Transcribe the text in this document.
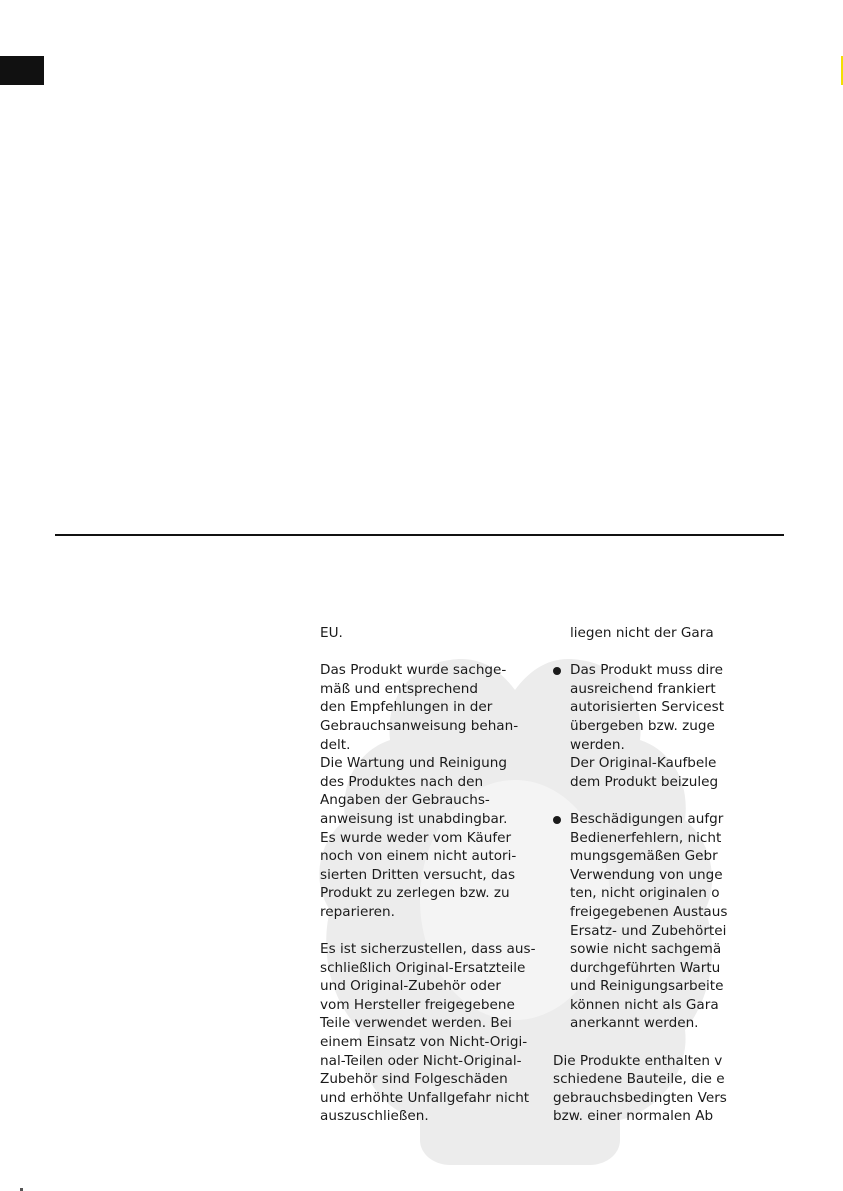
EU.
Das Produkt wurde sachge-
mäß und entsprechend
den Empfehlungen in der
Gebrauchsanweisung behan-
delt.
Die Wartung und Reinigung
des Produktes nach den
Angaben der Gebrauchs-
anweisung ist unabdingbar.
Es wurde weder vom Käufer
noch von einem nicht autori-
sierten Dritten versucht, das
Produkt zu zerlegen bzw. zu
reparieren.
Es ist sicherzustellen, dass aus-
schließlich Original-Ersatzteile
und Original-Zubehör oder
vom Hersteller freigegebene
Teile verwendet werden. Bei
einem Einsatz von Nicht-Origi-
nal-Teilen oder Nicht-Original-
Zubehör sind Folgeschäden
und erhöhte Unfallgefahr nicht
auszuschließen.
liegen nicht der Gara
Das Produkt muss dire
ausreichend frankiert
autorisierten Servicest
übergeben bzw. zuge
werden.
Der Original-Kaufbele
dem Produkt beizuleg
Beschädigungen aufgr
Bedienerfehlern, nicht
mungsgemäßen Gebr
Verwendung von unge
ten, nicht originalen o
freigegebenen Austaus
Ersatz- und Zubehörtei
sowie nicht sachgemä
durchgeführten Wartu
und Reinigungsarbeite
können nicht als Gara
anerkannt werden.
Die Produkte enthalten v
schiedene Bauteile, die e
gebrauchsbedingten Vers
bzw. einer normalen Ab
